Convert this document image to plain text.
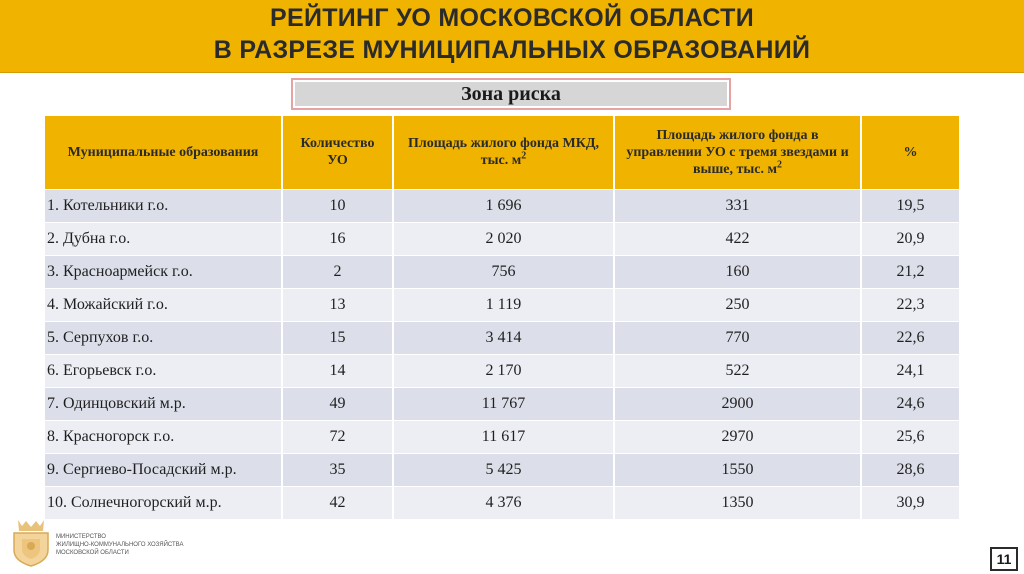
РЕЙТИНГ УО МОСКОВСКОЙ ОБЛАСТИ
В РАЗРЕЗЕ МУНИЦИПАЛЬНЫХ ОБРАЗОВАНИЙ
Зона риска
Муниципальные образования	Количество УО	Площадь жилого фонда МКД, тыс. $м^2$	Площадь жилого фонда в управлении УО с тремя звездами и выше, тыс. $м^2$	%
1. Котельники г.о.	10	1 696	331	19,5
2. Дубна г.о.	16	2 020	422	20,9
3. Красноармейск г.о.	2	756	160	21,2
4. Можайский г.о.	13	1 119	250	22,3
5. Серпухов г.о.	15	3 414	770	22,6
6. Егорьевск г.о.	14	2 170	522	24,1
7. Одинцовский м.р.	49	11 767	2900	24,6
8. Красногорск г.о.	72	11 617	2970	25,6
9. Сергиево-Посадский м.р.	35	5 425	1550	28,6
10. Солнечногорский м.р.	42	4 376	1350	30,9
МИНИСТЕРСТВО
ЖИЛИЩНО-КОММУНАЛЬНОГО ХОЗЯЙСТВА
МОСКОВСКОЙ ОБЛАСТИ	11
